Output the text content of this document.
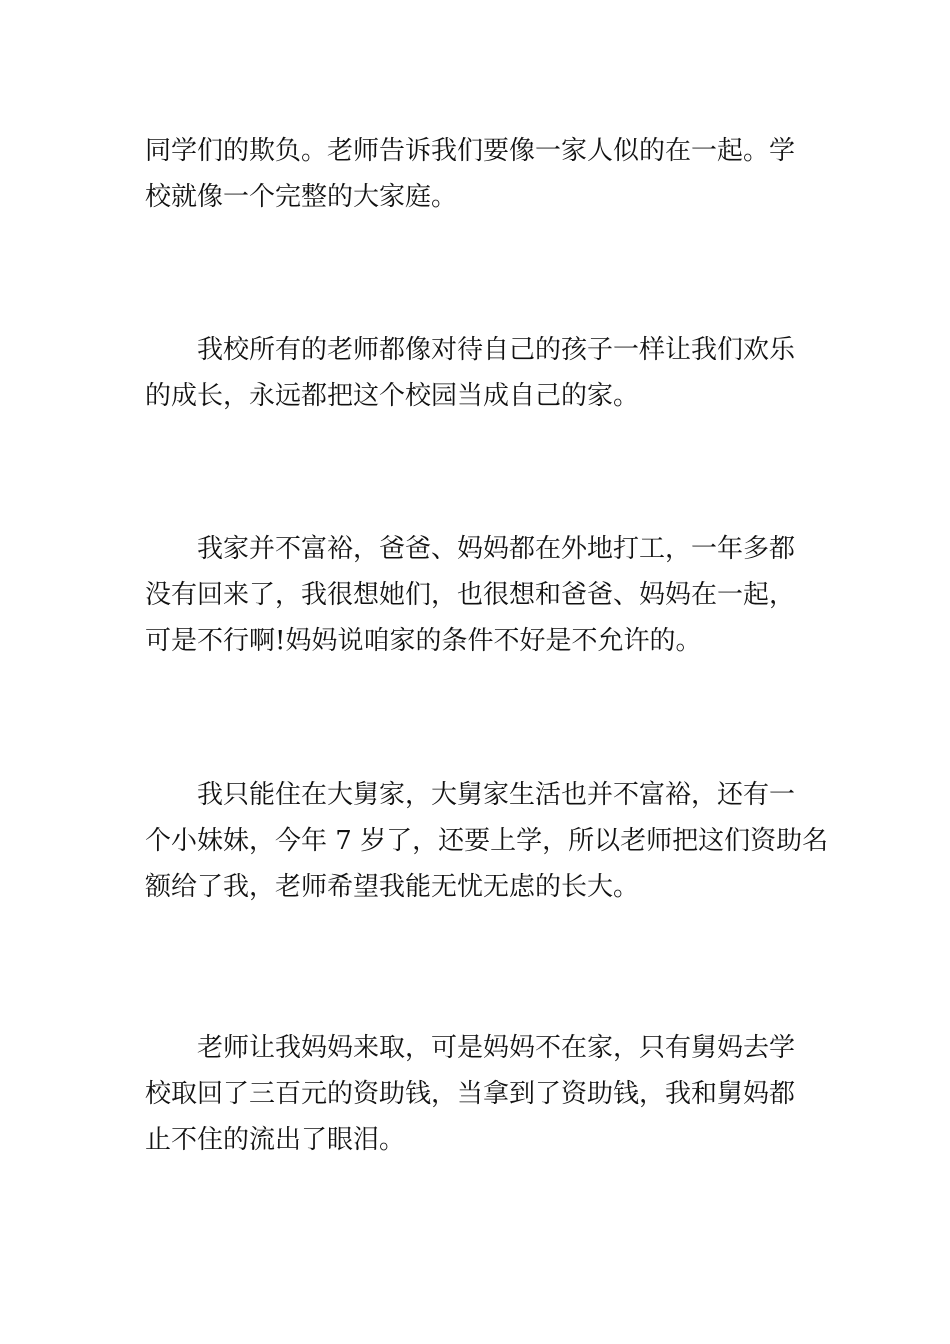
同学们的欺负。老师告诉我们要像一家人似的在一起。学
校就像一个完整的大家庭。

我校所有的老师都像对待自己的孩子一样让我们欢乐
的成长，永远都把这个校园当成自己的家。

我家并不富裕，爸爸、妈妈都在外地打工，一年多都
没有回来了，我很想她们，也很想和爸爸、妈妈在一起，
可是不行啊!妈妈说咱家的条件不好是不允许的。

我只能住在大舅家，大舅家生活也并不富裕，还有一
个小妹妹，今年 7 岁了，还要上学，所以老师把这们资助名
额给了我，老师希望我能无忧无虑的长大。

老师让我妈妈来取，可是妈妈不在家，只有舅妈去学
校取回了三百元的资助钱，当拿到了资助钱，我和舅妈都
止不住的流出了眼泪。
